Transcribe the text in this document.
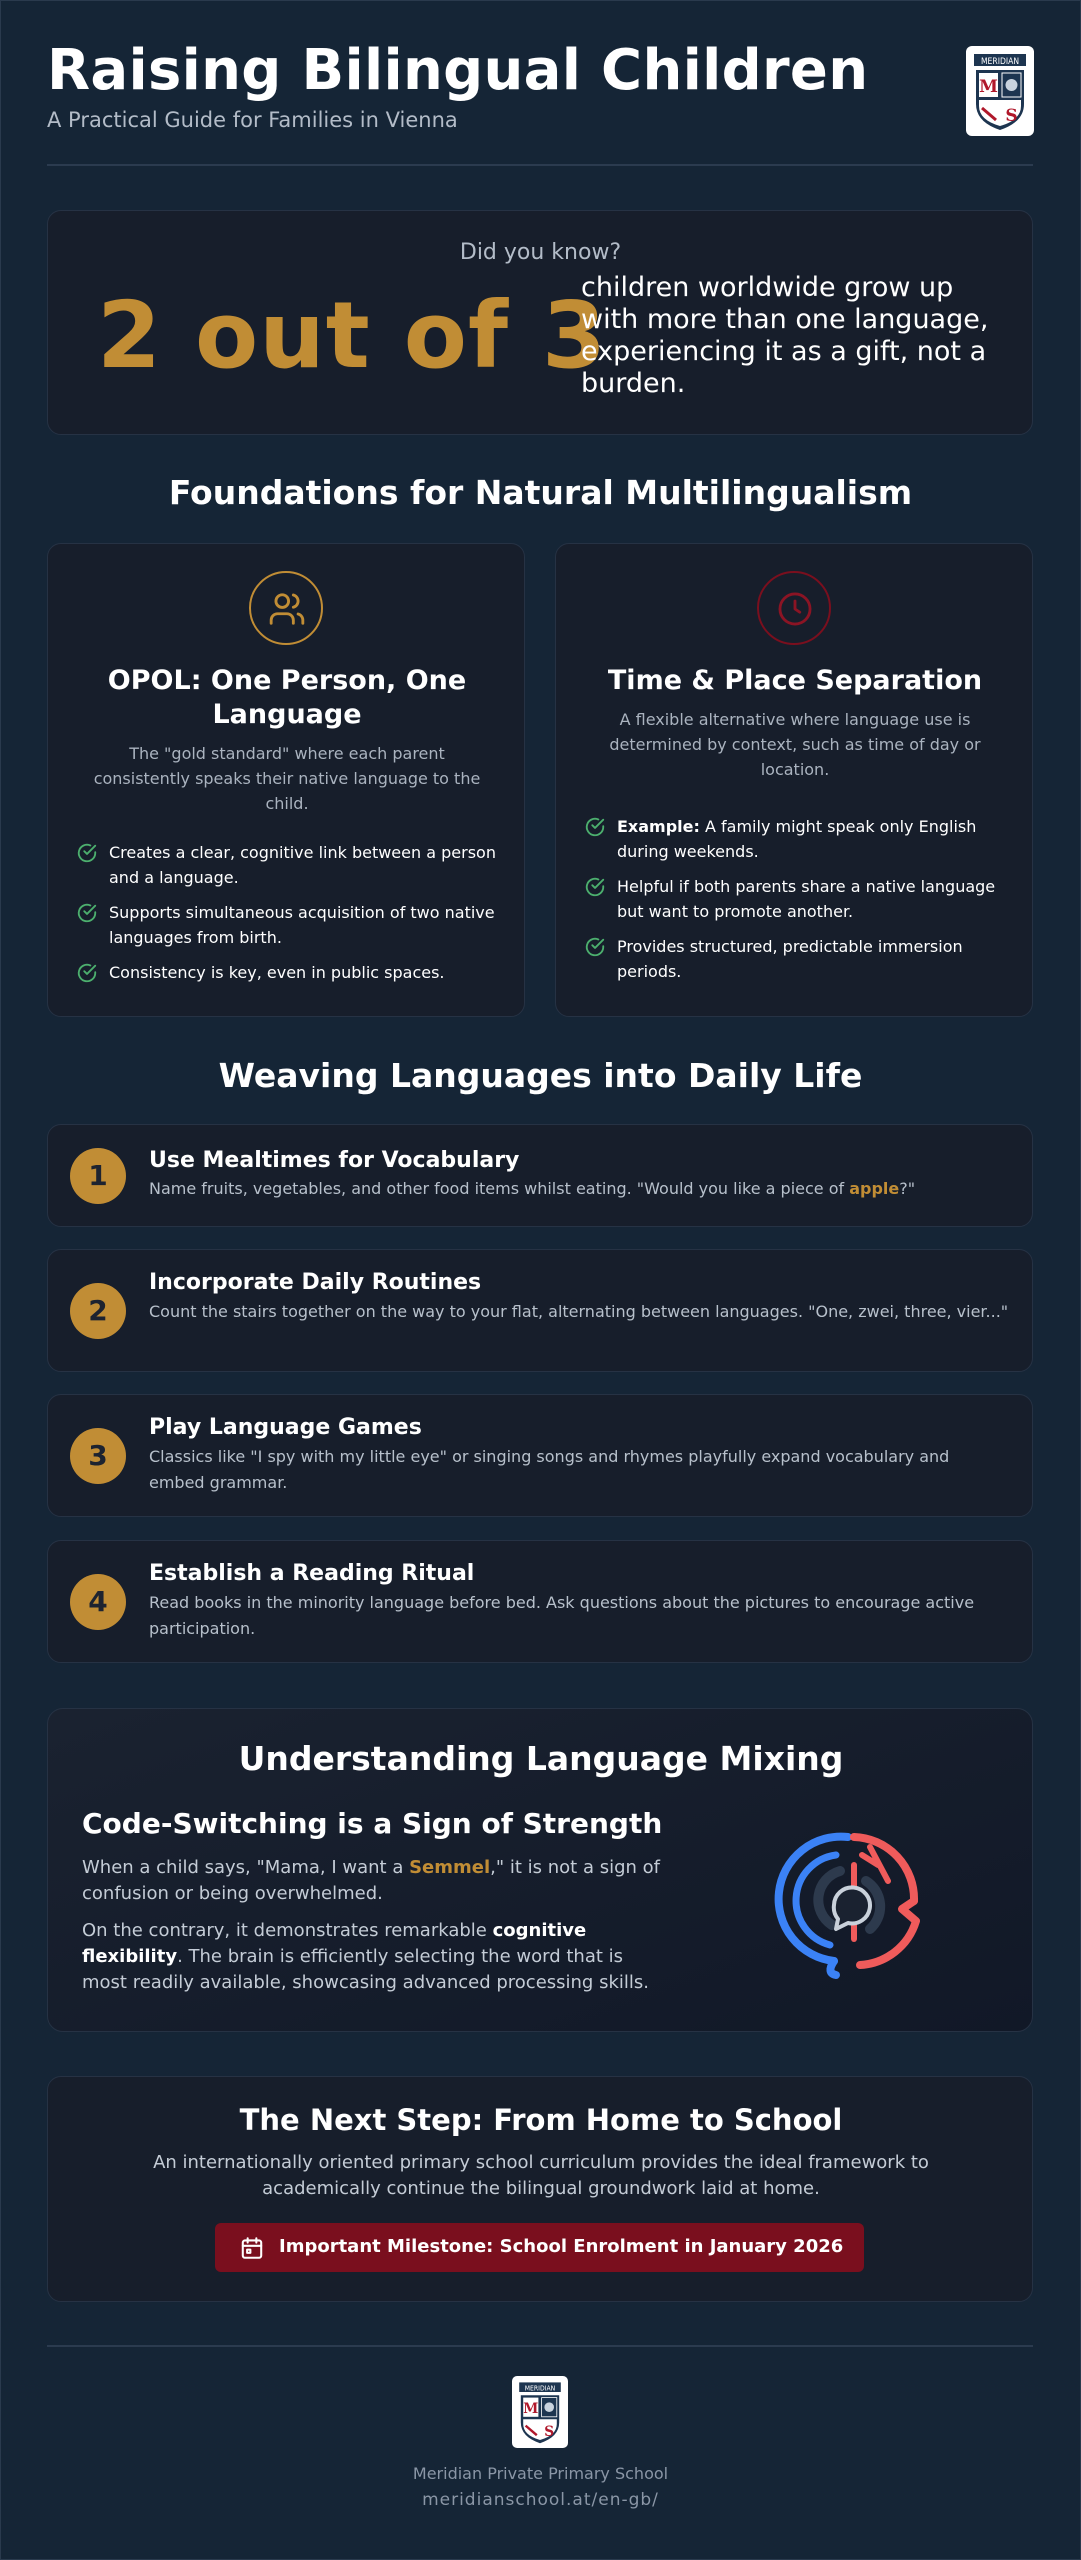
Raising Bilingual Children
A Practical Guide for Families in Vienna
MERIDIAN
M
S
Did you know?
2 out of 3
children worldwide grow up with more than one language, experiencing it as a gift, not a burden.
Foundations for Natural Multilingualism
OPOL: One Person, One Language
The "gold standard" where each parent consistently speaks their native language to the child.
Creates a clear, cognitive link between a person and a language.
Supports simultaneous acquisition of two native languages from birth.
Consistency is key, even in public spaces.
Time & Place Separation
A flexible alternative where language use is determined by context, such as time of day or location.
Example: A family might speak only English during weekends.
Helpful if both parents share a native language but want to promote another.
Provides structured, predictable immersion periods.
Weaving Languages into Daily Life
1	Use Mealtimes for Vocabulary
Name fruits, vegetables, and other food items whilst eating. "Would you like a piece of apple?"
2
Incorporate Daily Routines
Count the stairs together on the way to your flat, alternating between languages. "One, zwei, three, vier..."
3
Play Language Games
Classics like "I spy with my little eye" or singing songs and rhymes playfully expand vocabulary and embed grammar.
4
Establish a Reading Ritual
Read books in the minority language before bed. Ask questions about the pictures to encourage active participation.
Understanding Language Mixing
Code-Switching is a Sign of Strength
When a child says, "Mama, I want a Semmel," it is not a sign of confusion or being overwhelmed.
On the contrary, it demonstrates remarkable cognitive flexibility. The brain is efficiently selecting the word that is most readily available, showcasing advanced processing skills.
The Next Step: From Home to School
An internationally oriented primary school curriculum provides the ideal framework to academically continue the bilingual groundwork laid at home.
Important Milestone: School Enrolment in January 2026
MERIDIAN
M
S
Meridian Private Primary School
meridianschool.at/en-gb/
